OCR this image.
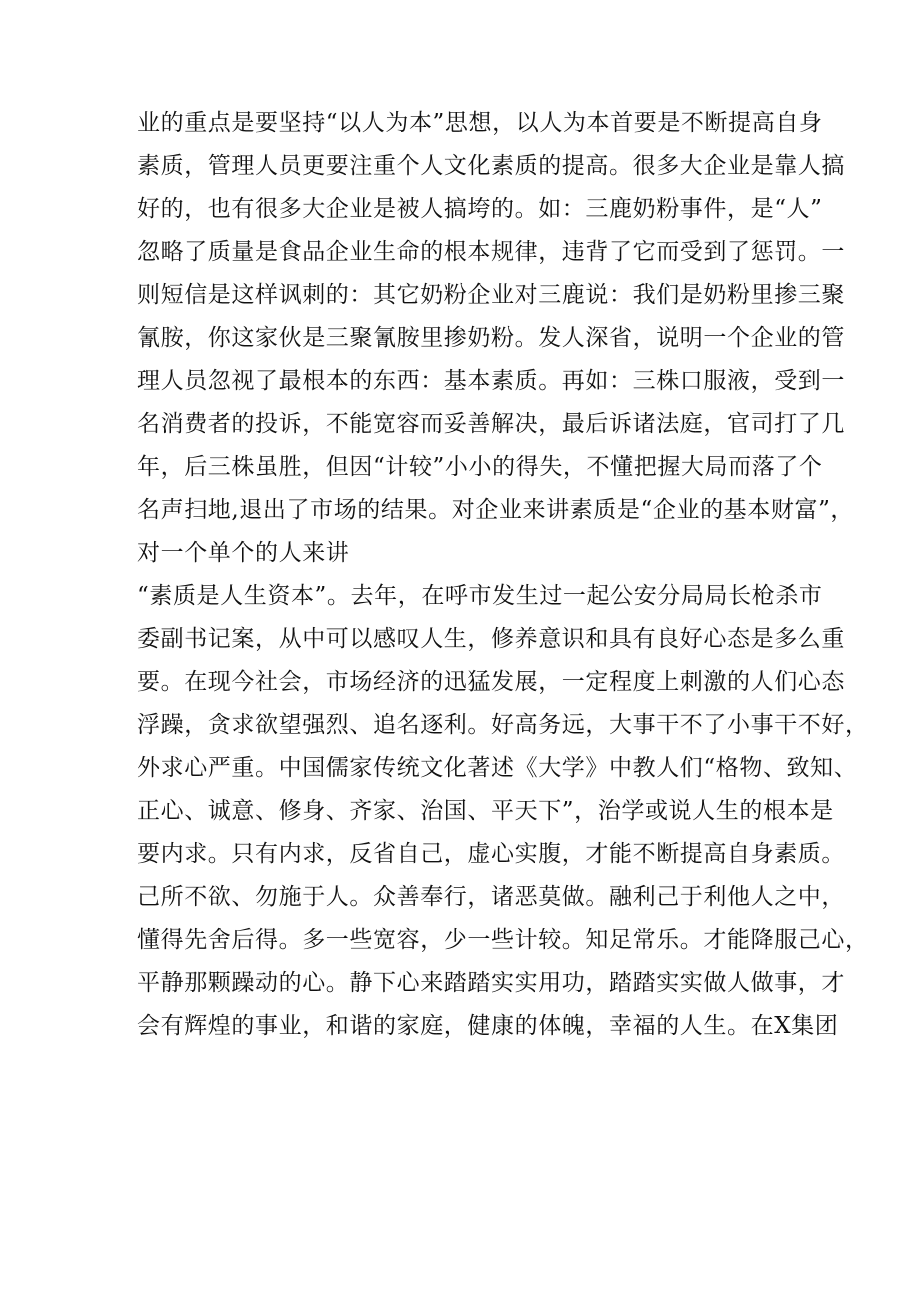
业的重点是要坚持“以人为本”思想，以人为本首要是不断提高自身

素质，管理人员更要注重个人文化素质的提高。很多大企业是靠人搞

好的，也有很多大企业是被人搞垮的。如：三鹿奶粉事件，是“人”

忽略了质量是食品企业生命的根本规律，违背了它而受到了惩罚。一

则短信是这样讽刺的：其它奶粉企业对三鹿说：我们是奶粉里掺三聚

氰胺，你这家伙是三聚氰胺里掺奶粉。发人深省，说明一个企业的管

理人员忽视了最根本的东西：基本素质。再如：三株口服液，受到一

名消费者的投诉，不能宽容而妥善解决，最后诉诸法庭，官司打了几

年，后三株虽胜，但因“计较”小小的得失，不懂把握大局而落了个

名声扫地,退出了市场的结果。对企业来讲素质是“企业的基本财富”，

对一个单个的人来讲

“素质是人生资本”。去年，在呼市发生过一起公安分局局长枪杀市

委副书记案，从中可以感叹人生，修养意识和具有良好心态是多么重

要。在现今社会，市场经济的迅猛发展，一定程度上刺激的人们心态

浮躁，贪求欲望强烈、追名逐利。好高务远，大事干不了小事干不好，

外求心严重。中国儒家传统文化著述《大学》中教人们“格物、致知、

正心、诚意、修身、齐家、治国、平天下”，治学或说人生的根本是

要内求。只有内求，反省自己，虚心实腹，才能不断提高自身素质。

己所不欲、勿施于人。众善奉行，诸恶莫做。融利己于利他人之中，

懂得先舍后得。多一些宽容，少一些计较。知足常乐。才能降服己心，

平静那颗躁动的心。静下心来踏踏实实用功，踏踏实实做人做事，才

会有辉煌的事业，和谐的家庭，健康的体魄，幸福的人生。在X集团
